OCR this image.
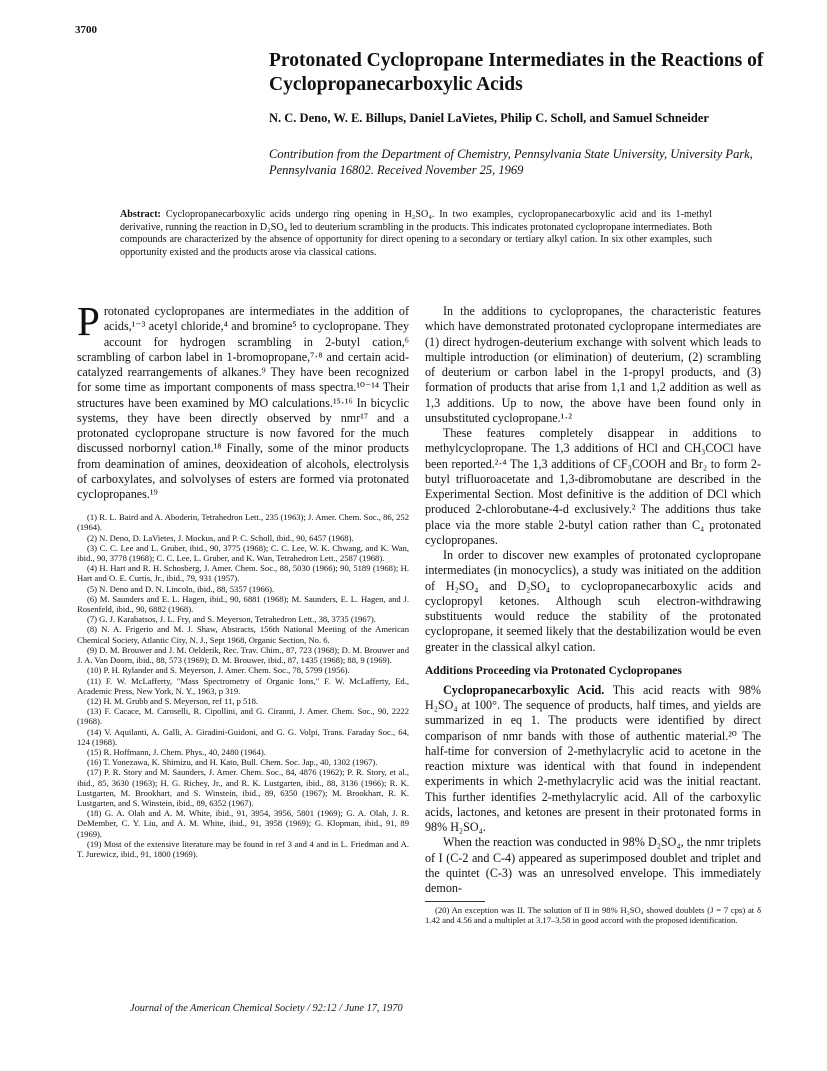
3700
Protonated Cyclopropane Intermediates in the Reactions of Cyclopropanecarboxylic Acids
N. C. Deno, W. E. Billups, Daniel LaVietes, Philip C. Scholl, and Samuel Schneider
Contribution from the Department of Chemistry, Pennsylvania State University, University Park, Pennsylvania 16802. Received November 25, 1969
Abstract: Cyclopropanecarboxylic acids undergo ring opening in H₂SO₄. In two examples, cyclopropanecarboxylic acid and its 1-methyl derivative, running the reaction in D₂SO₄ led to deuterium scrambling in the products. This indicates protonated cyclopropane intermediates. Both compounds are characterized by the absence of opportunity for direct opening to a secondary or tertiary alkyl cation. In six other examples, such opportunity existed and the products arose via classical cations.

Protonated cyclopropanes are intermediates in the addition of acids,¹⁻³ acetyl chloride,⁴ and bromine⁵ to cyclopropane. They account for hydrogen scrambling in 2-butyl cation,⁶ scrambling of carbon label in 1-bromopropane,⁷·⁸ and certain acid-catalyzed rearrangements of alkanes.⁹ They have been recognized for some time as important components of mass spectra.¹⁰⁻¹⁴ Their structures have been examined by MO calculations.¹⁵·¹⁶ In bicyclic systems, they have been directly observed by nmr¹⁷ and a protonated cyclopropane structure is now favored for the much discussed norbornyl cation.¹⁸ Finally, some of the minor products from deamination of amines, deoxideation of alcohols, electrolysis of carboxylates, and solvolyses of esters are formed via protonated cyclopropanes.¹⁹

(1) R. L. Baird and A. Aboderin, Tetrahedron Lett., 235 (1963); J. Amer. Chem. Soc., 86, 252 (1964).

(2) N. Deno, D. LaVietes, J. Mockus, and P. C. Scholl, ibid., 90, 6457 (1968).

(3) C. C. Lee and L. Gruber, ibid., 90, 3775 (1968); C. C. Lee, W. K. Chwang, and K. Wan, ibid., 90, 3778 (1968); C. C. Lee, L. Gruber, and K. Wan, Tetrahedron Lett., 2587 (1968).

(4) H. Hart and R. H. Schosberg, J. Amer. Chem. Soc., 88, 5030 (1966); 90, 5189 (1968); H. Hart and O. E. Curtis, Jr., ibid., 79, 931 (1957).

(5) N. Deno and D. N. Lincoln, ibid., 88, 5357 (1966).

(6) M. Saunders and E. L. Hagen, ibid., 90, 6881 (1968); M. Saunders, E. L. Hagen, and J. Rosenfeld, ibid., 90, 6882 (1968).

(7) G. J. Karabatsos, J. L. Fry, and S. Meyerson, Tetrahedron Lett., 38, 3735 (1967).

(8) N. A. Frigerio and M. J. Shaw, Abstracts, 156th National Meeting of the American Chemical Society, Atlantic City, N. J., Sept 1968, Organic Section, No. 6.

(9) D. M. Brouwer and J. M. Oelderik, Rec. Trav. Chim., 87, 723 (1968); D. M. Brouwer and J. A. Van Doorn, ibid., 88, 573 (1969); D. M. Brouwer, ibid., 87, 1435 (1968); 88, 9 (1969).

(10) P. H. Rylander and S. Meyerson, J. Amer. Chem. Soc., 78, 5799 (1956).

(11) F. W. McLafferty, "Mass Spectrometry of Organic Ions," F. W. McLafferty, Ed., Academic Press, New York, N. Y., 1963, p 319.

(12) H. M. Grubb and S. Meyerson, ref 11, p 518.

(13) F. Cacace, M. Caroselli, R. Cipollini, and G. Ciranni, J. Amer. Chem. Soc., 90, 2222 (1968).

(14) V. Aquilanti, A. Galli, A. Giradini-Guidoni, and G. G. Volpi, Trans. Faraday Soc., 64, 124 (1968).

(15) R. Hoffmann, J. Chem. Phys., 40, 2480 (1964).

(16) T. Yonezawa, K. Shimizu, and H. Kato, Bull. Chem. Soc. Jap., 40, 1302 (1967).

(17) P. R. Story and M. Saunders, J. Amer. Chem. Soc., 84, 4876 (1962); P. R. Story, et al., ibid., 85, 3630 (1963); H. G. Richey, Jr., and R. K. Lustgarten, ibid., 88, 3136 (1966); R. K. Lustgarten, M. Brookhart, and S. Winstein, ibid., 89, 6350 (1967); M. Brookhart, R. K. Lustgarten, and S. Winstein, ibid., 89, 6352 (1967).

(18) G. A. Olah and A. M. White, ibid., 91, 3954, 3956, 5801 (1969); G. A. Olah, J. R. DeMember, C. Y. Liu, and A. M. White, ibid., 91, 3958 (1969); G. Klopman, ibid., 91, 89 (1969).

(19) Most of the extensive literature may be found in ref 3 and 4 and in L. Friedman and A. T. Jurewicz, ibid., 91, 1800 (1969).

In the additions to cyclopropanes, the characteristic features which have demonstrated protonated cyclopropane intermediates are (1) direct hydrogen-deuterium exchange with solvent which leads to multiple introduction (or elimination) of deuterium, (2) scrambling of deuterium or carbon label in the 1-propyl products, and (3) formation of products that arise from 1,1 and 1,2 addition as well as 1,3 additions. Up to now, the above have been found only in unsubstituted cyclopropane.¹·²

These features completely disappear in additions to methylcyclopropane. The 1,3 additions of HCl and CH₃COCl have been reported.²·⁴ The 1,3 additions of CF₃COOH and Br₂ to form 2-butyl trifluoroacetate and 1,3-dibromobutane are described in the Experimental Section. Most definitive is the addition of DCl which produced 2-chlorobutane-4-d exclusively.² The additions thus take place via the more stable 2-butyl cation rather than C₄ protonated cyclopropanes.

In order to discover new examples of protonated cyclopropane intermediates (in monocyclics), a study was initiated on the addition of H₂SO₄ and D₂SO₄ to cyclopropanecarboxylic acids and cyclopropyl ketones. Although scuh electron-withdrawing substituents would reduce the stability of the protonated cyclopropane, it seemed likely that the destabilization would be even greater in the classical alkyl cation.

Additions Proceeding via Protonated Cyclopropanes

Cyclopropanecarboxylic Acid. This acid reacts with 98% H₂SO₄ at 100°. The sequence of products, half times, and yields are summarized in eq 1. The products were identified by direct comparison of nmr bands with those of authentic material.²⁰ The half-time for conversion of 2-methylacrylic acid to acetone in the reaction mixture was identical with that found in independent experiments in which 2-methylacrylic acid was the initial reactant. This further identifies 2-methylacrylic acid. All of the carboxylic acids, lactones, and ketones are present in their protonated forms in 98% H₂SO₄.

When the reaction was conducted in 98% D₂SO₄, the nmr triplets of I (C-2 and C-4) appeared as superimposed doublet and triplet and the quintet (C-3) was an unresolved envelope. This immediately demon-

(20) An exception was II. The solution of II in 98% H₂SO₄ showed doublets (J = 7 cps) at δ 1.42 and 4.56 and a multiplet at 3.17–3.58 in good accord with the proposed identification.

Journal of the American Chemical Society / 92:12 / June 17, 1970
